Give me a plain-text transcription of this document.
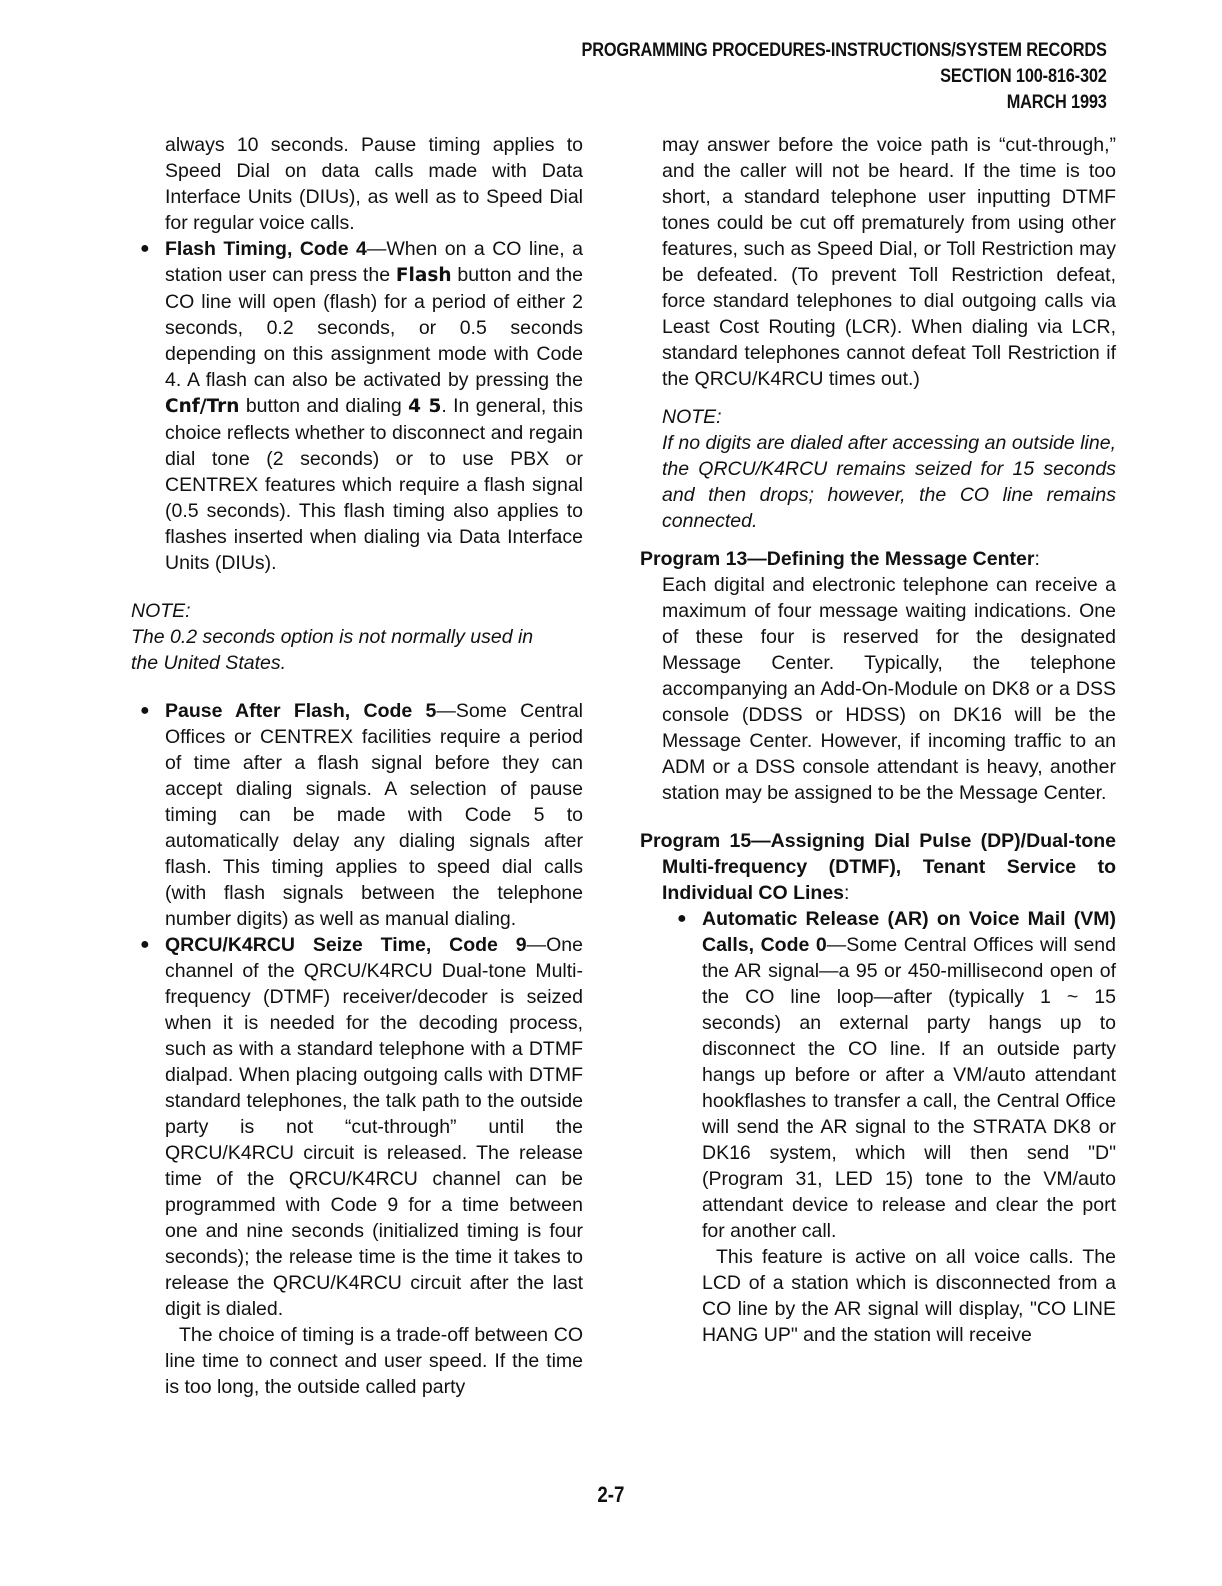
PROGRAMMING PROCEDURES-INSTRUCTIONS/SYSTEM RECORDS
SECTION 100-816-302
MARCH 1993

always 10 seconds. Pause timing applies to Speed Dial on data calls made with Data Interface Units (DIUs), as well as to Speed Dial for regular voice calls.

● Flash Timing, Code 4—When on a CO line, a station user can press the Flash button and the CO line will open (flash) for a period of either 2 seconds, 0.2 seconds, or 0.5 seconds depending on this assignment mode with Code 4. A flash can also be activated by pressing the Cnf/Trn button and dialing 4 5. In general, this choice reflects whether to disconnect and regain dial tone (2 seconds) or to use PBX or CENTREX features which require a flash signal (0.5 seconds). This flash timing also applies to flashes inserted when dialing via Data Interface Units (DIUs).
NOTE:

The 0.2 seconds option is not normally used in the United States.

● Pause After Flash, Code 5—Some Central Offices or CENTREX facilities require a period of time after a flash signal before they can accept dialing signals. A selection of pause timing can be made with Code 5 to automatically delay any dialing signals after flash. This timing applies to speed dial calls (with flash signals between the telephone number digits) as well as manual dialing.
● QRCU/K4RCU Seize Time, Code 9—One channel of the QRCU/K4RCU Dual-tone Multi-frequency (DTMF) receiver/decoder is seized when it is needed for the decoding process, such as with a standard telephone with a DTMF dialpad. When placing outgoing calls with DTMF standard telephones, the talk path to the outside party is not “cut-through” until the QRCU/K4RCU circuit is released. The release time of the QRCU/K4RCU channel can be programmed with Code 9 for a time between one and nine seconds (initialized timing is four seconds); the release time is the time it takes to release the QRCU/K4RCU circuit after the last digit is dialed.

The choice of timing is a trade-off between CO line time to connect and user speed. If the time is too long, the outside called party

may answer before the voice path is “cut-through,” and the caller will not be heard. If the time is too short, a standard telephone user inputting DTMF tones could be cut off prematurely from using other features, such as Speed Dial, or Toll Restriction may be defeated. (To prevent Toll Restriction defeat, force standard telephones to dial outgoing calls via Least Cost Routing (LCR). When dialing via LCR, standard telephones cannot defeat Toll Restriction if the QRCU/K4RCU times out.)

NOTE:

If no digits are dialed after accessing an outside line, the QRCU/K4RCU remains seized for 15 seconds and then drops; however, the CO line remains connected.

Program 13—Defining the Message Center:

Each digital and electronic telephone can receive a maximum of four message waiting indications. One of these four is reserved for the designated Message Center. Typically, the telephone accompanying an Add-On-Module on DK8 or a DSS console (DDSS or HDSS) on DK16 will be the Message Center. However, if incoming traffic to an ADM or a DSS console attendant is heavy, another station may be assigned to be the Message Center.

Program 15—Assigning Dial Pulse (DP)/Dual-tone Multi-frequency (DTMF), Tenant Service to Individual CO Lines:
● Automatic Release (AR) on Voice Mail (VM) Calls, Code 0—Some Central Offices will send the AR signal—a 95 or 450-millisecond open of the CO line loop—after (typically 1 ~ 15 seconds) an external party hangs up to disconnect the CO line. If an outside party hangs up before or after a VM/auto attendant hookflashes to transfer a call, the Central Office will send the AR signal to the STRATA DK8 or DK16 system, which will then send "D" (Program 31, LED 15) tone to the VM/auto attendant device to release and clear the port for another call.

This feature is active on all voice calls. The LCD of a station which is disconnected from a CO line by the AR signal will display, "CO LINE HANG UP" and the station will receive

2-7
